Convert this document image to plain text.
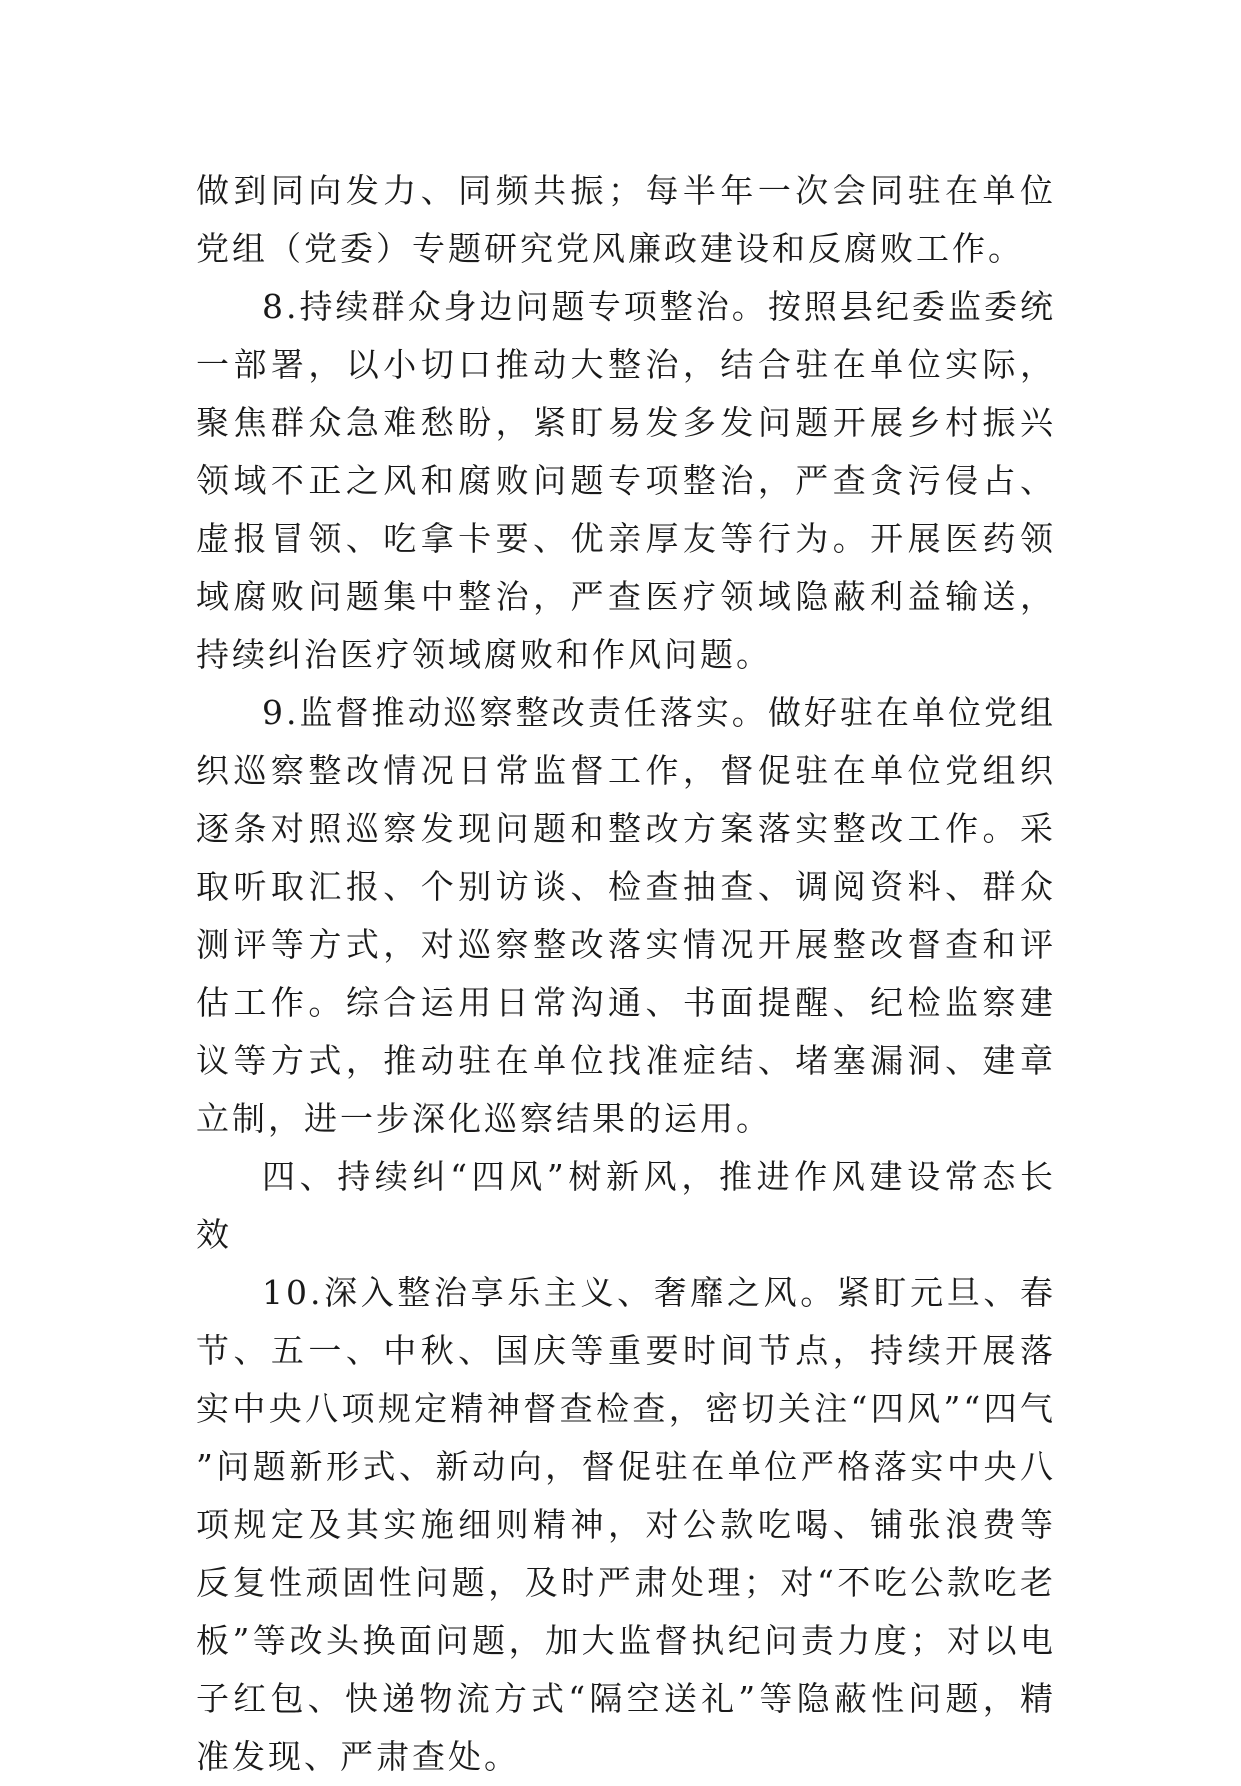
做到同向发力、同频共振；每半年一次会同驻在单位党组（党委）专题研究党风廉政建设和反腐败工作。

8.持续群众身边问题专项整治。按照县纪委监委统一部署，以小切口推动大整治，结合驻在单位实际，聚焦群众急难愁盼，紧盯易发多发问题开展乡村振兴领域不正之风和腐败问题专项整治，严查贪污侵占、虚报冒领、吃拿卡要、优亲厚友等行为。开展医药领域腐败问题集中整治，严查医疗领域隐蔽利益输送，持续纠治医疗领域腐败和作风问题。

9.监督推动巡察整改责任落实。做好驻在单位党组织巡察整改情况日常监督工作，督促驻在单位党组织逐条对照巡察发现问题和整改方案落实整改工作。采取听取汇报、个别访谈、检查抽查、调阅资料、群众测评等方式，对巡察整改落实情况开展整改督查和评估工作。综合运用日常沟通、书面提醒、纪检监察建议等方式，推动驻在单位找准症结、堵塞漏洞、建章立制，进一步深化巡察结果的运用。

四、持续纠“四风”树新风，推进作风建设常态长效

10.深入整治享乐主义、奢靡之风。紧盯元旦、春节、五一、中秋、国庆等重要时间节点，持续开展落实中央八项规定精神督查检查，密切关注“四风”“四气”问题新形式、新动向，督促驻在单位严格落实中央八项规定及其实施细则精神，对公款吃喝、铺张浪费等反复性顽固性问题，及时严肃处理；对“不吃公款吃老板”等改头换面问题，加大监督执纪问责力度；对以电子红包、快递物流方式“隔空送礼”等隐蔽性问题，精准发现、严肃查处。
